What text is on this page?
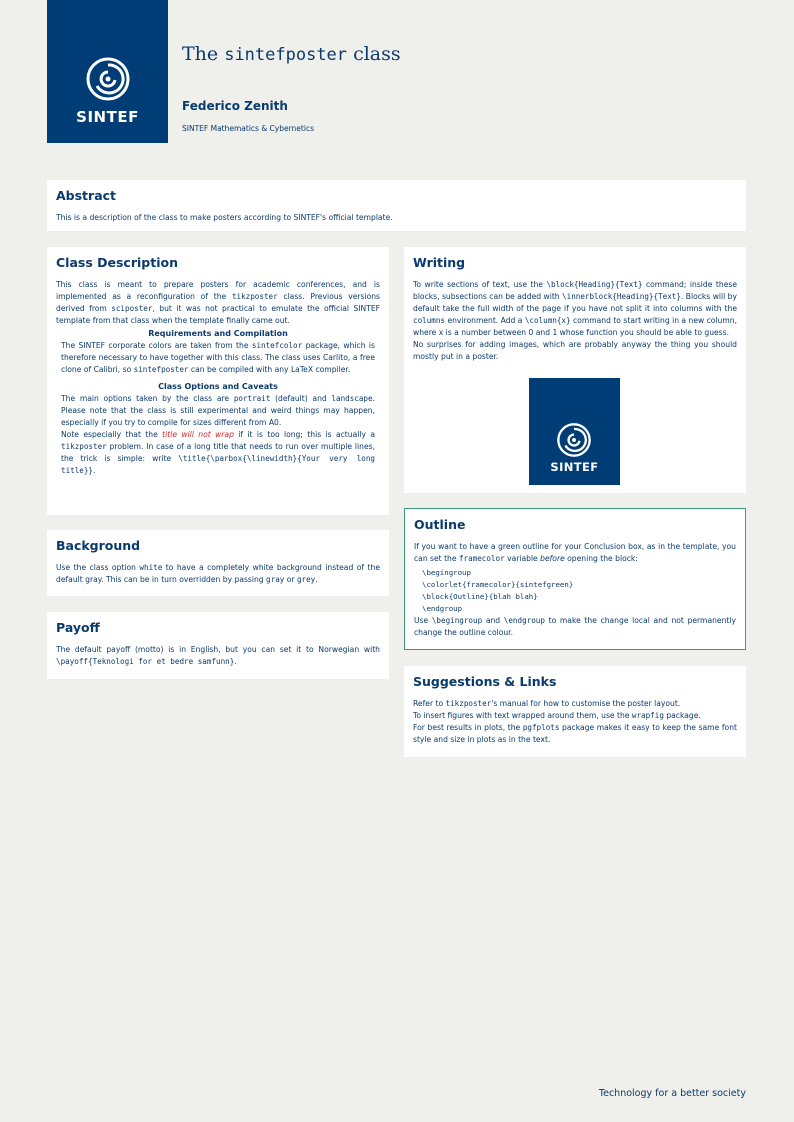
SINTEF
The sintefposter class
Federico Zenith
SINTEF Mathematics & Cybernetics
Abstract

This is a description of the class to make posters according to SINTEF's official template.

Class Description

This class is meant to prepare posters for academic conferences, and is implemented as a reconfiguration of the tikzposter class. Previous versions derived from sciposter, but it was not practical to emulate the official SINTEF template from that class when the template finally came out.

Requirements and Compilation

The SINTEF corporate colors are taken from the sintefcolor package, which is therefore necessary to have together with this class. The class uses Carlito, a free clone of Calibri, so sintefposter can be compiled with any LaTeX compiler.

Class Options and Caveats

The main options taken by the class are portrait (default) and landscape. Please note that the class is still experimental and weird things may happen, especially if you try to compile for sizes different from A0.

Note especially that the title will not wrap if it is too long; this is actually a tikzposter problem. In case of a long title that needs to run over multiple lines, the trick is simple: write \title{\parbox{\linewidth}{Your very long title}}.

Background

Use the class option white to have a completely white background instead of the default gray. This can be in turn overridden by passing gray or grey.

Payoff

The default payoff (motto) is in English, but you can set it to Norwegian with \payoff{Teknologi for et bedre samfunn}.

Writing

To write sections of text, use the \block{Heading}{Text} command; inside these blocks, subsections can be added with \innerblock{Heading}{Text}. Blocks will by default take the full width of the page if you have not split it into columns with the columns environment. Add a \column{x} command to start writing in a new column, where x is a number between 0 and 1 whose function you should be able to guess.

No surprises for adding images, which are probably anyway the thing you should mostly put in a poster.

SINTEF
Outline

If you want to have a green outline for your Conclusion box, as in the template, you can set the framecolor variable before opening the block:

\begingroup
\colorlet{framecolor}{sintefgreen}
\block{Outline}{blah blah}
\endgroup

Use \begingroup and \endgroup to make the change local and not permanently change the outline colour.

Suggestions & Links

Refer to tikzposter's manual for how to customise the poster layout.

To insert figures with text wrapped around them, use the wrapfig package.

For best results in plots, the pgfplots package makes it easy to keep the same font style and size in plots as in the text.

Technology for a better society
